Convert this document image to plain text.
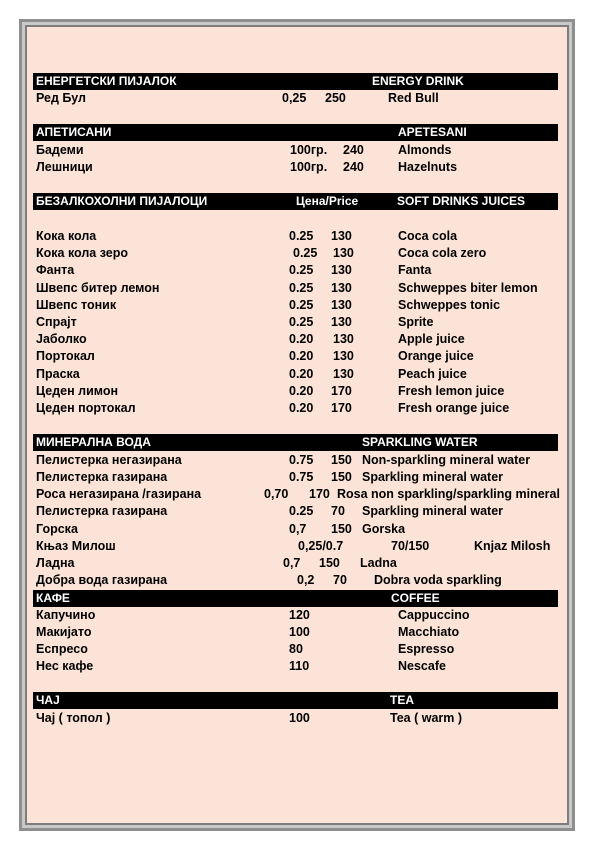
ЕНЕРГЕТСКИ ПИЈАЛОК	ENERGY DRINK
Ред Бул	0,25 250	Red Bull
АПЕТИСАНИ	APETESANI
Бадеми	100гр. 240	Almonds
Лешници	100гр. 240	Hazelnuts
БЕЗАЛКОХОЛНИ ПИЈАЛОЦИ	Цена/Price	SOFT DRINKS JUICES
Кока кола	0.25 130	Coca cola
Кока кола зеро	0.25 130	Coca cola zero
Фанта	0.25 130	Fanta
Швепс битер лемон	0.25 130	Schweppes biter lemon
Швепс тоник	0.25 130	Schweppes tonic
Спрајт	0.25 130	Sprite
Јаболко	0.20 130	Apple juice
Портокал	0.20 130	Orange juice
Праска	0.20 130	Peach juice
Цеден лимон	0.20 170	Fresh lemon juice
Цеден портокал	0.20 170	Fresh orange juice
МИНЕРАЛНА ВОДА	SPARKLING WATER
Пелистерка негазирана	0.75 150 Non-sparkling mineral water
Пелистерка газирана	0.75 150 Sparkling mineral water
Роса негазирана /газирана	0,70 170 Rosa non sparkling/sparkling mineral
Пелистерка газирана	0.25 70 Sparkling mineral water
Горска	0,7 150 Gorska
Књаз Милош	0,25/0.7	70/150	Knjaz Milosh
Ладна	0,7 150 Ladna
Добра вода газирана	0,2 70 Dobra voda sparkling
КАФЕ	COFFEE
Капучино	120	Cappuccino
Макијато	100	Macchiato
Еспресо	80	Espresso
Нес кафе	110	Nescafe
ЧАЈ	TEA
Чај ( топол )	100	Tea ( warm )
